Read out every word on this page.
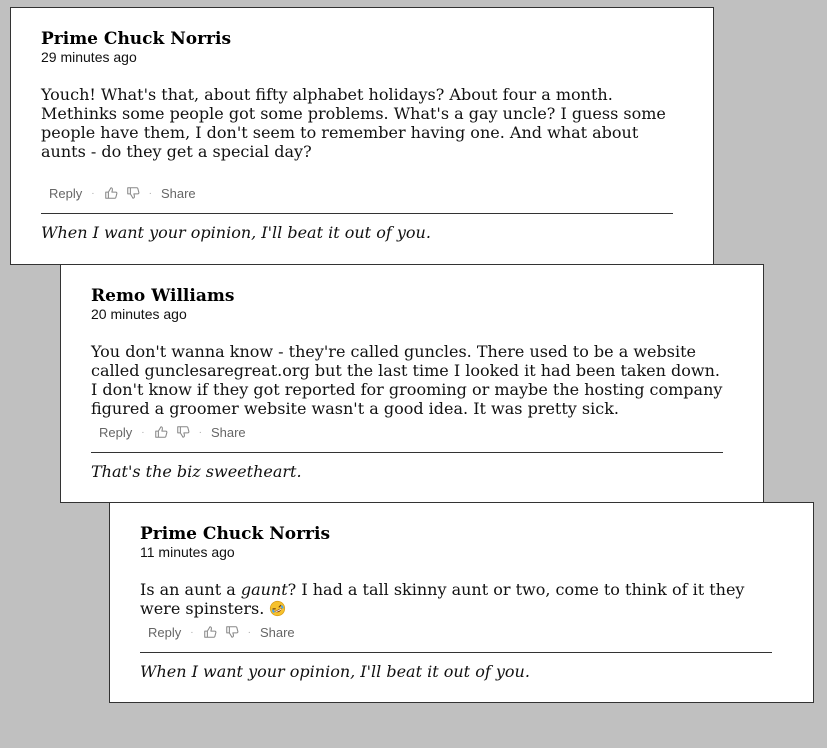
Prime Chuck Norris
29 minutes ago
Youch! What's that, about fifty alphabet holidays? About four a month. Methinks some people got some problems. What's a gay uncle? I guess some people have them, I don't seem to remember having one. And what about aunts - do they get a special day?
Reply ·	· Share
When I want your opinion, I'll beat it out of you.
Remo Williams
20 minutes ago
You don't wanna know - they're called guncles. There used to be a website called gunclesaregreat.org but the last time I looked it had been taken down. I don't know if they got reported for grooming or maybe the hosting company figured a groomer website wasn't a good idea. It was pretty sick.
Reply ·	· Share
That's the biz sweetheart.
Prime Chuck Norris
11 minutes ago
Is an aunt a gaunt? I had a tall skinny aunt or two, come to think of it they were spinsters.
Reply ·	· Share
When I want your opinion, I'll beat it out of you.
